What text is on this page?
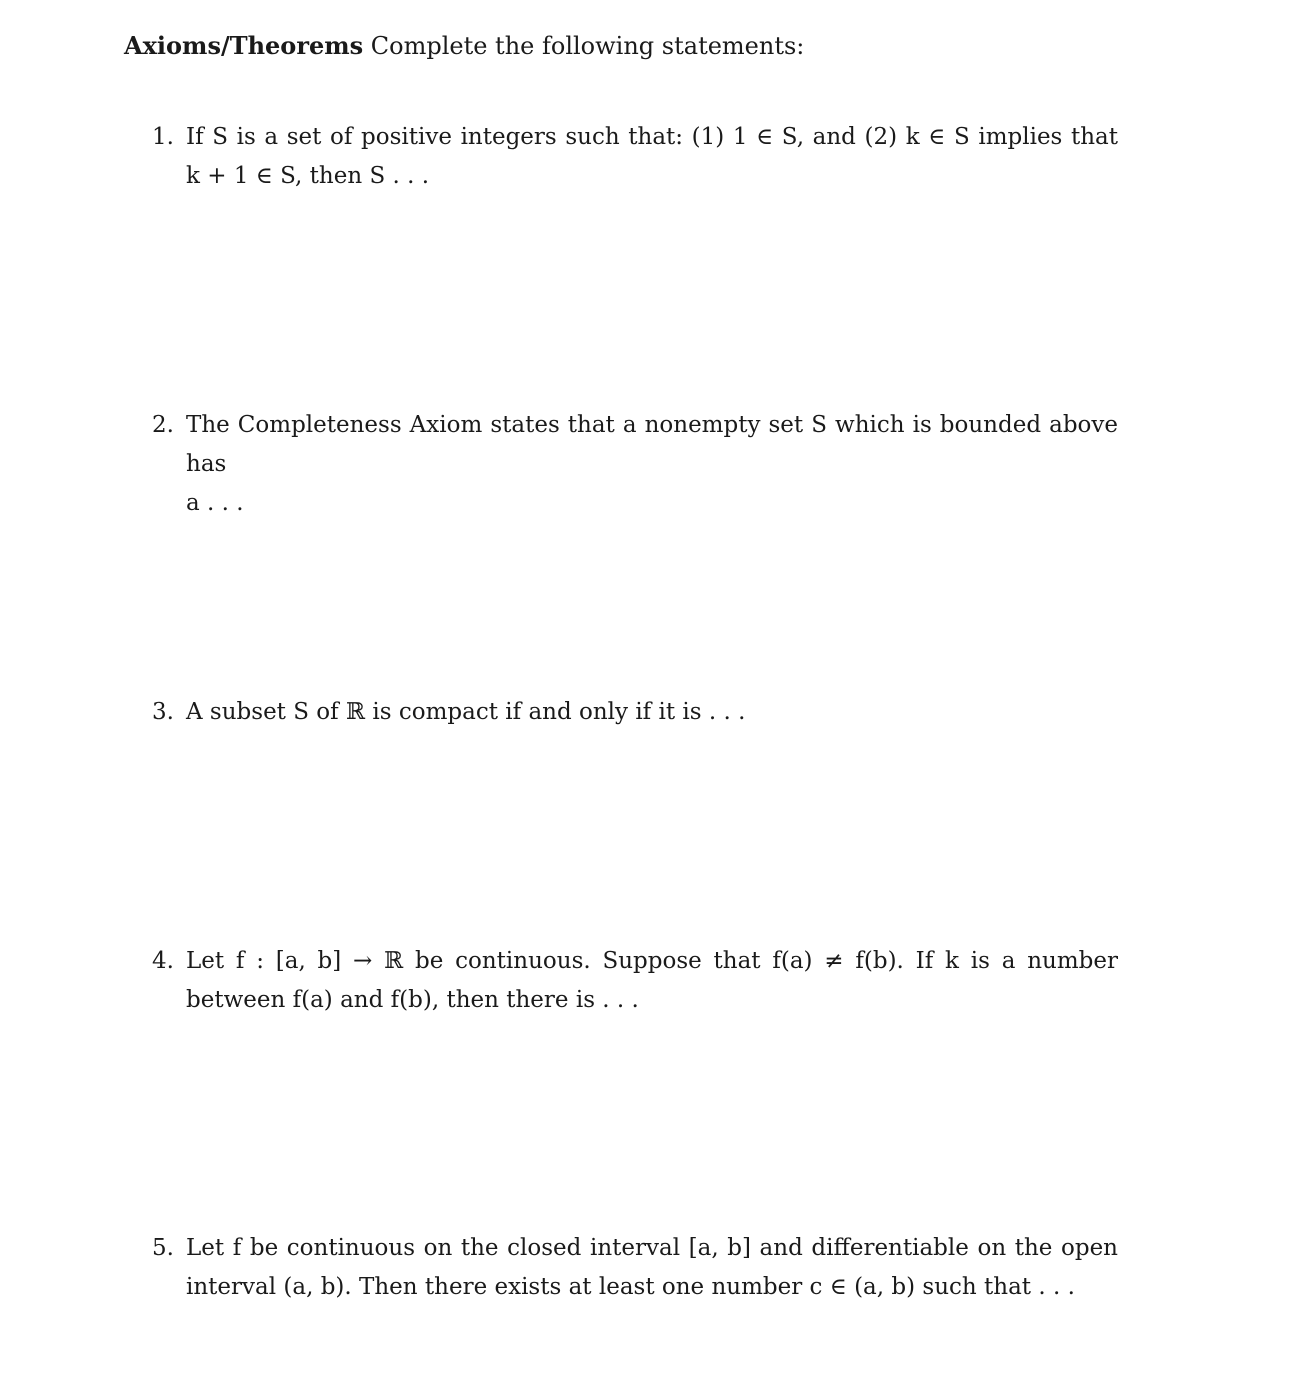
Axioms/Theorems Complete the following statements:
1. If S is a set of positive integers such that: (1) 1 ∈ S, and (2) k ∈ S implies that
k + 1 ∈ S, then S . . .
2. The Completeness Axiom states that a nonempty set S which is bounded above has
a . . .
3. A subset S of ℝ is compact if and only if it is . . .
4. Let f : [a, b] → ℝ be continuous. Suppose that f(a) ≠ f(b). If k is a number
between f(a) and f(b), then there is . . .
5. Let f be continuous on the closed interval [a, b] and differentiable on the open
interval (a, b). Then there exists at least one number c ∈ (a, b) such that . . .
